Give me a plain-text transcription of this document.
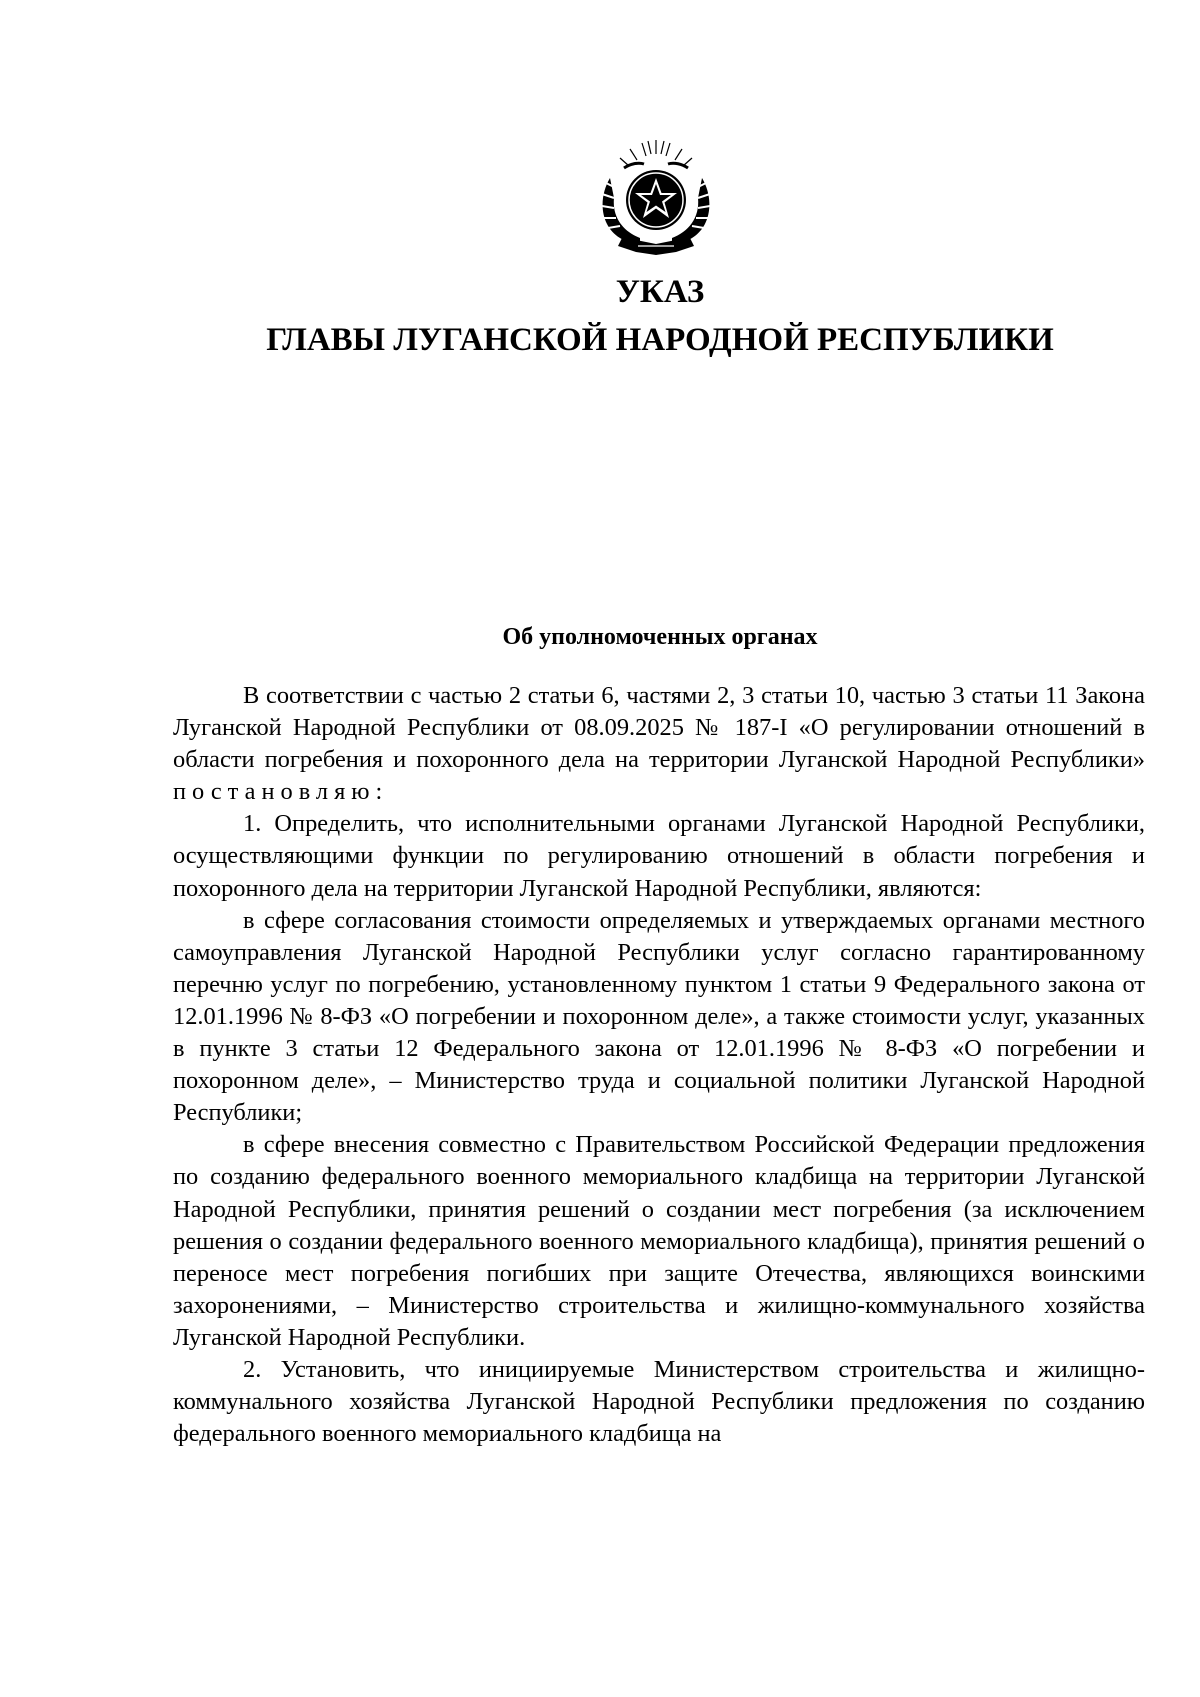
УКАЗ
ГЛАВЫ ЛУГАНСКОЙ НАРОДНОЙ РЕСПУБЛИКИ
Об уполномоченных органах

В соответствии с частью 2 статьи 6, частями 2, 3 статьи 10, частью 3 статьи 11 Закона Луганской Народной Республики от 08.09.2025 № 187-I «О регулировании отношений в области погребения и похоронного дела на территории Луганской Народной Республики» постановляю:

1. Определить, что исполнительными органами Луганской Народной Республики, осуществляющими функции по регулированию отношений в области погребения и похоронного дела на территории Луганской Народной Республики, являются:

в сфере согласования стоимости определяемых и утверждаемых органами местного самоуправления Луганской Народной Республики услуг согласно гарантированному перечню услуг по погребению, установленному пунктом 1 статьи 9 Федерального закона от 12.01.1996 № 8-ФЗ «О погребении и похоронном деле», а также стоимости услуг, указанных в пункте 3 статьи 12 Федерального закона от 12.01.1996 № 8-ФЗ «О погребении и похоронном деле», – Министерство труда и социальной политики Луганской Народной Республики;

в сфере внесения совместно с Правительством Российской Федерации предложения по созданию федерального военного мемориального кладбища на территории Луганской Народной Республики, принятия решений о создании мест погребения (за исключением решения о создании федерального военного мемориального кладбища), принятия решений о переносе мест погребения погибших при защите Отечества, являющихся воинскими захоронениями, – Министерство строительства и жилищно-коммунального хозяйства Луганской Народной Республики.

2. Установить, что инициируемые Министерством строительства и жилищно-коммунального хозяйства Луганской Народной Республики предложения по созданию федерального военного мемориального кладбища на
